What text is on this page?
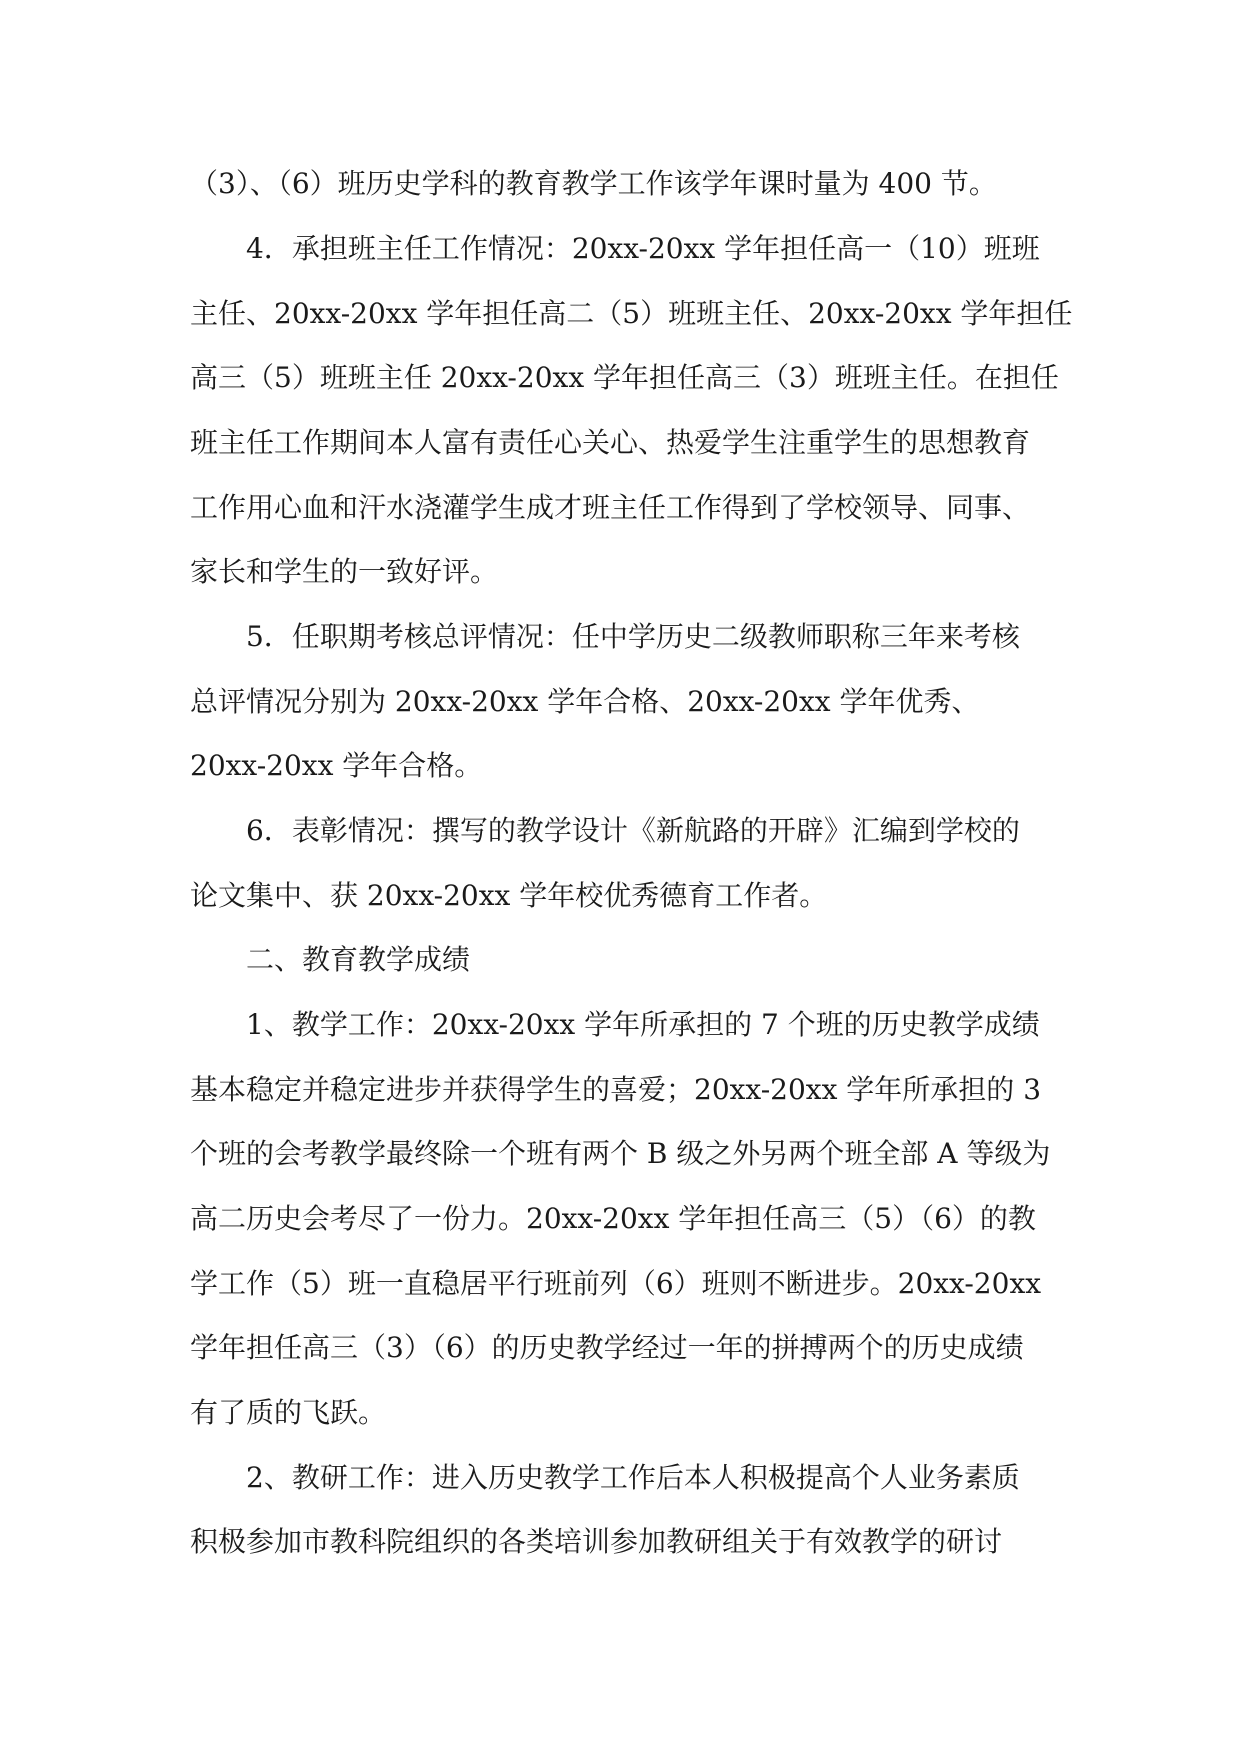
（3）、（6）班历史学科的教育教学工作该学年课时量为 400 节。

4．承担班主任工作情况：20xx-20xx 学年担任高一（10）班班

主任、20xx-20xx 学年担任高二（5）班班主任、20xx-20xx 学年担任

高三（5）班班主任 20xx-20xx 学年担任高三（3）班班主任。在担任

班主任工作期间本人富有责任心关心、热爱学生注重学生的思想教育

工作用心血和汗水浇灌学生成才班主任工作得到了学校领导、同事、

家长和学生的一致好评。

5．任职期考核总评情况：任中学历史二级教师职称三年来考核

总评情况分别为 20xx-20xx 学年合格、20xx-20xx 学年优秀、

20xx-20xx 学年合格。

6．表彰情况：撰写的教学设计《新航路的开辟》汇编到学校的

论文集中、获 20xx-20xx 学年校优秀德育工作者。

二、教育教学成绩

1、教学工作：20xx-20xx 学年所承担的 7 个班的历史教学成绩

基本稳定并稳定进步并获得学生的喜爱；20xx-20xx 学年所承担的 3

个班的会考教学最终除一个班有两个 B 级之外另两个班全部 A 等级为

高二历史会考尽了一份力。20xx-20xx 学年担任高三（5）（6）的教

学工作（5）班一直稳居平行班前列（6）班则不断进步。20xx-20xx

学年担任高三（3）（6）的历史教学经过一年的拼搏两个的历史成绩

有了质的飞跃。

2、教研工作：进入历史教学工作后本人积极提高个人业务素质

积极参加市教科院组织的各类培训参加教研组关于有效教学的研讨
